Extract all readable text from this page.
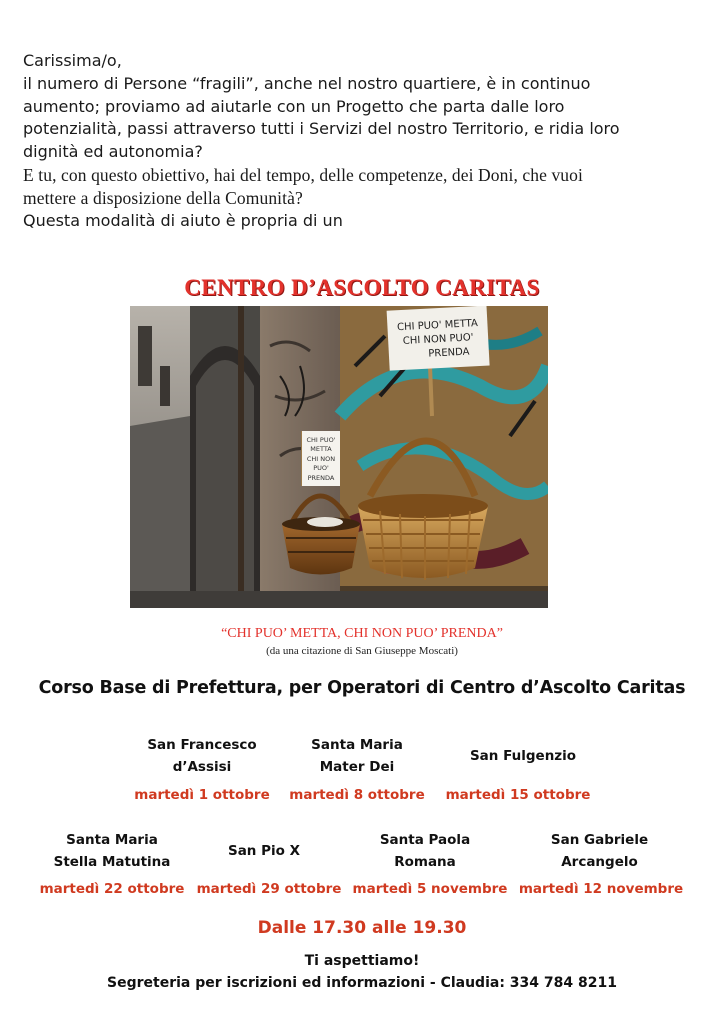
Carissima/o,

il numero di Persone “fragili”, anche nel nostro quartiere, è in continuo

aumento; proviamo ad aiutarle con un Progetto che parta dalle loro

potenzialità, passi attraverso tutti i Servizi del nostro Territorio, e ridia loro

dignità ed autonomia?

E tu, con questo obiettivo, hai del tempo, delle competenze, dei Doni, che vuoi

mettere a disposizione della Comunità?

Questa modalità di aiuto è propria di un

CENTRO D’ASCOLTO CARITAS
CHI PUO' METTA
CHI NON PUO'
PRENDA
CHI PUO'
METTA
CHI NON
PUO'
PRENDA
“CHI PUO’ METTA, CHI NON PUO’ PRENDA”
(da una citazione di San Giuseppe Moscati)
Corso Base di Prefettura, per Operatori di Centro d’Ascolto Caritas
San Francesco
d’Assisi
martedì 1 ottobre
Santa Maria
Mater Dei
martedì 8 ottobre
San Fulgenzio
martedì 15 ottobre
Santa Maria
Stella Matutina
martedì 22 ottobre
San Pio X
martedì 29 ottobre
Santa Paola
Romana
martedì 5 novembre
San Gabriele
Arcangelo
martedì 12 novembre
Dalle 17.30 alle 19.30
Ti aspettiamo!
Segreteria per iscrizioni ed informazioni - Claudia: 334 784 8211
